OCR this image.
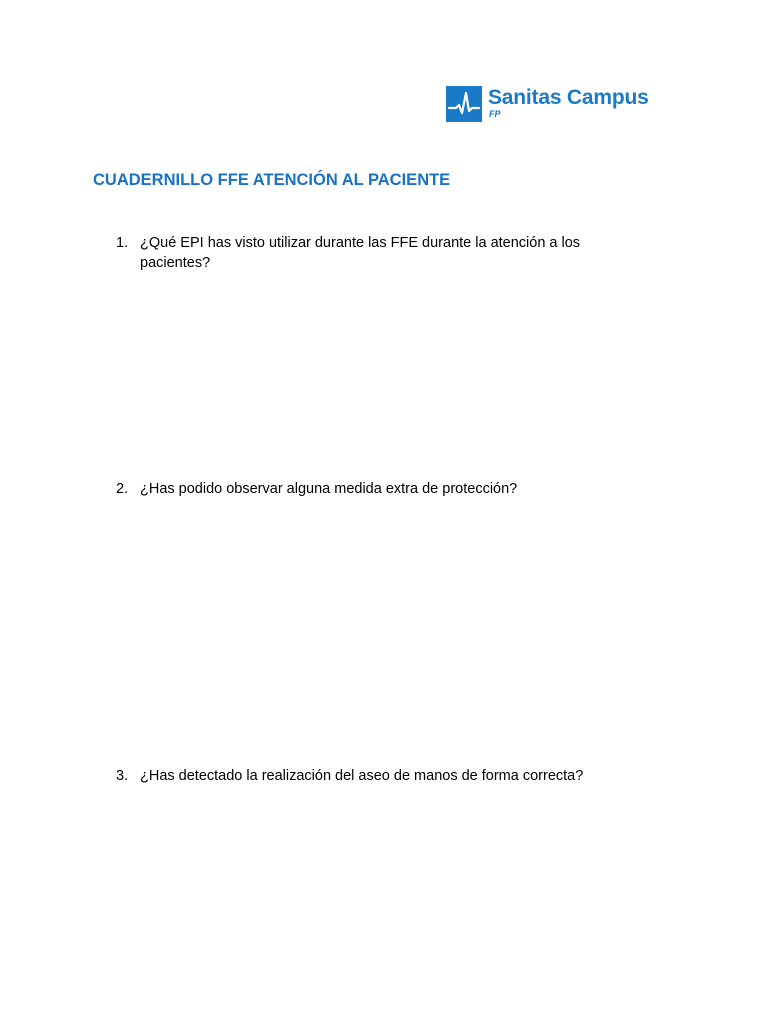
Sanitas Campus
FP
CUADERNILLO FFE ATENCIÓN AL PACIENTE
1. ¿Qué EPI has visto utilizar durante las FFE durante la atención a los pacientes?
2. ¿Has podido observar alguna medida extra de protección?
3. ¿Has detectado la realización del aseo de manos de forma correcta?
